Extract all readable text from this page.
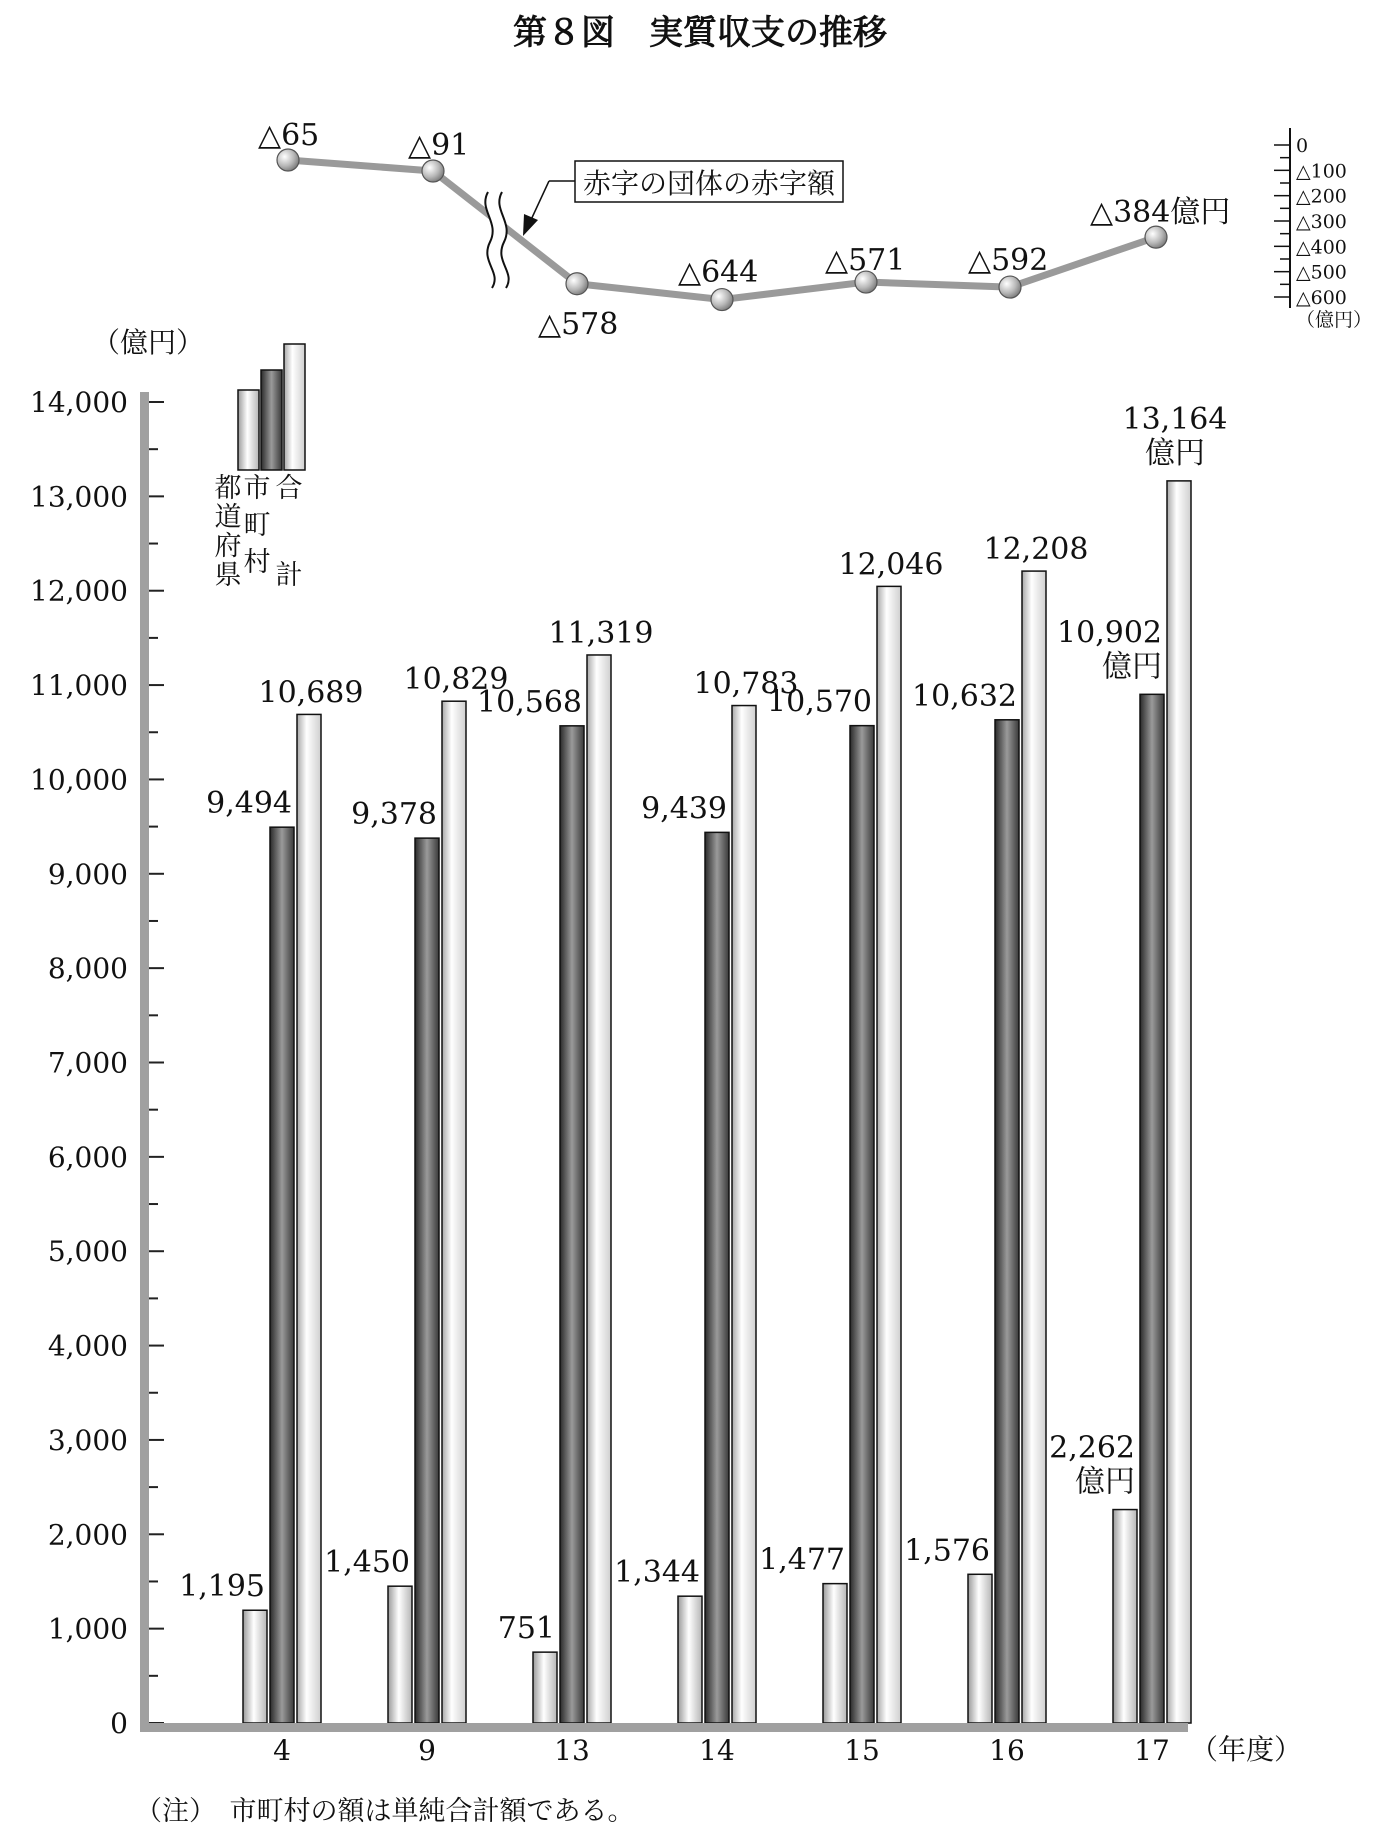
第８図　実質収支の推移
△65	△91
△578
△644 △571 △592
△384億円
赤字の団体の赤字額
0
△100
△200
△300
△400
△500
△600
（億円）
（億円）
0
1,000
2,000
3,000
4,000
5,000
6,000
7,000
8,000
9,000
10,000
11,000
12,000
13,000
14,000
1,195
9,494
10,689
1,450
9,378
10,829
751
10,568
11,319
1,344
9,439
10,783
1,477
10,570
12,046
1,576
10,632
12,208
2,262
億円
10,902
億円
13,164
億円
4	9	13	14	15	16	17
都
道
府
県
市
町
村
合
計
（年度）
（注）　市町村の額は単純合計額である。
